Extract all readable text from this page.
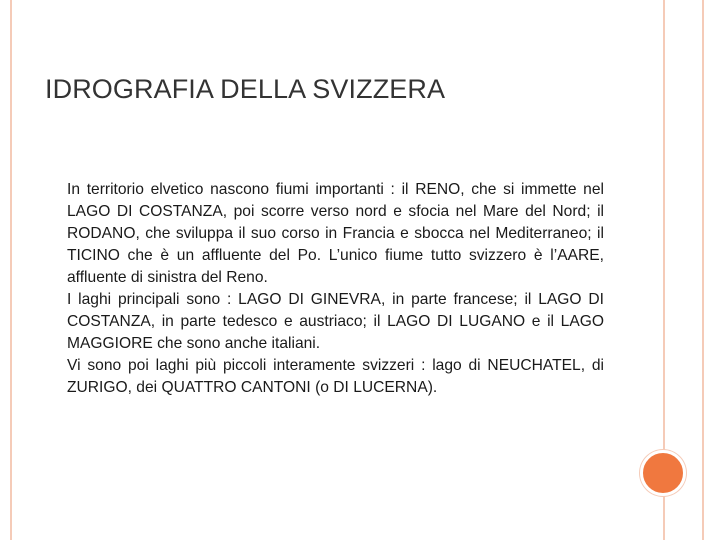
IDROGRAFIA DELLA SVIZZERA

In territorio elvetico nascono fiumi importanti : il RENO, che si immette nel LAGO DI COSTANZA, poi scorre verso nord e sfocia nel Mare del Nord; il RODANO, che sviluppa il suo corso in Francia e sbocca nel Mediterraneo; il TICINO che è un affluente del Po. L’unico fiume tutto svizzero è l’AARE, affluente di sinistra del Reno.

I laghi principali sono : LAGO DI GINEVRA, in parte francese; il LAGO DI COSTANZA, in parte tedesco e austriaco; il LAGO DI LUGANO e il LAGO MAGGIORE che sono anche italiani.

Vi sono poi laghi più piccoli interamente svizzeri : lago di NEUCHATEL, di ZURIGO, dei QUATTRO CANTONI (o DI LUCERNA).
